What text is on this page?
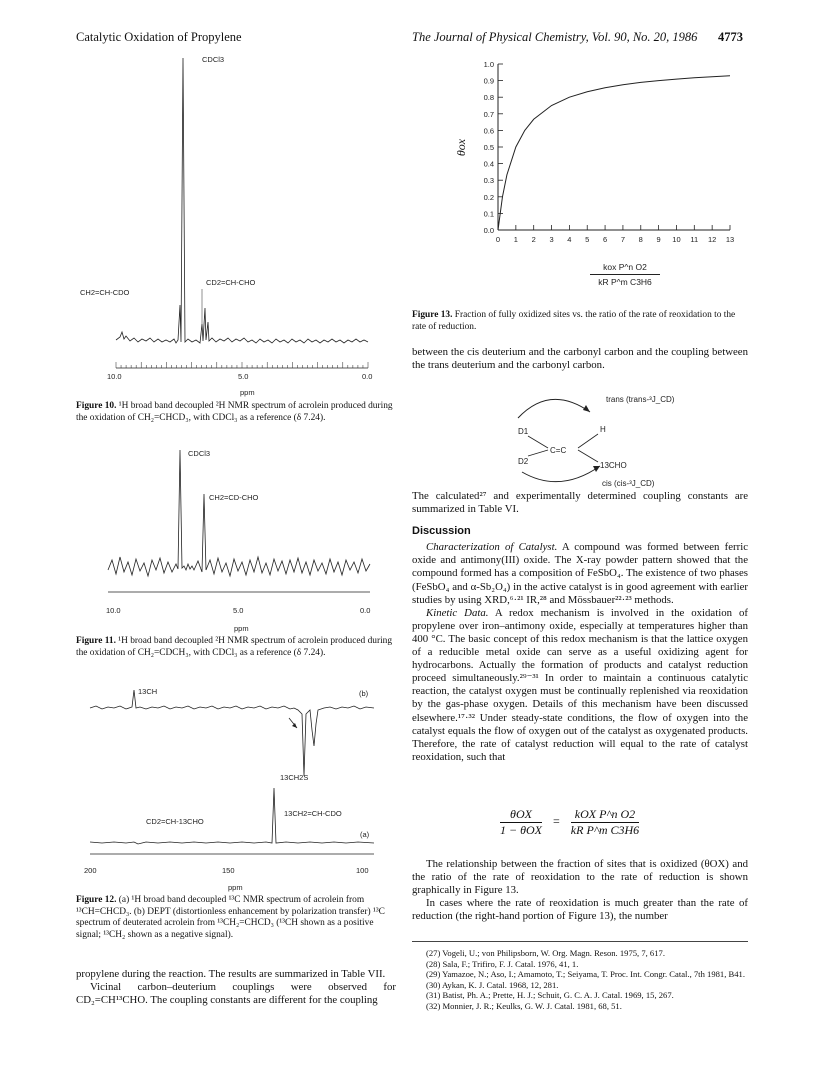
Catalytic Oxidation of Propylene	The Journal of Physical Chemistry, Vol. 90, No. 20, 1986 4773
CDCl3
CH2=CH-CDO
CD2=CH-CHO
10.0	5.0	0.0
ppm
Figure 10. ¹H broad band decoupled ²H NMR spectrum of acrolein produced during the oxidation of CH₂=CHCD₃, with CDCl₃ as a reference (δ 7.24).
CDCl3
CH2=CD-CHO
10.0	5.0	0.0
ppm
Figure 11. ¹H broad band decoupled ²H NMR spectrum of acrolein produced during the oxidation of CH₂=CDCH₃, with CDCl₃ as a reference (δ 7.24).
13CH	(b)
13CH2S
CD2=CH-13CHO
13CH2=CH-CDO
(a)
200	150	100
ppm
Figure 12. (a) ¹H broad band decoupled ¹³C NMR spectrum of acrolein from ¹³CH=CHCD₃. (b) DEPT (distortionless enhancement by polarization transfer) ¹³C spectrum of deuterated acrolein from ¹³CH₂=CHCD₃ (¹³CH shown as a positive signal; ¹³CH₂ shown as a negative signal).
propylene during the reaction. The results are summarized in Table VII.
Vicinal carbon–deuterium couplings were observed for CD₂=CH¹³CHO. The coupling constants are different for the coupling
0.0
0.1
0.2
0.3
0.4
0.5
0.6
0.7
0.8
0.9
1.0
0 1 2 3 4 5 6 7 8 9 10 11 12 13
θox
kox P^n O2
kR P^m C3H6
Figure 13. Fraction of fully oxidized sites vs. the ratio of the rate of reoxidation to the rate of reduction.
between the cis deuterium and the carbonyl carbon and the coupling between the trans deuterium and the carbonyl carbon.
D1
D2
H
C=C
13CHO
trans (trans-³J_CD)
cis (cis-³J_CD)
The calculated²⁷ and experimentally determined coupling constants are summarized in Table VI.
Discussion
Characterization of Catalyst. A compound was formed between ferric oxide and antimony(III) oxide. The X-ray powder pattern showed that the compound formed has a composition of FeSbO₄. The existence of two phases (FeSbO₄ and α-Sb₂O₄) in the active catalyst is in good agreement with earlier studies by using XRD,⁶·²¹ IR,²⁸ and Mössbauer²²·²³ methods.
Kinetic Data. A redox mechanism is involved in the oxidation of propylene over iron–antimony oxide, especially at temperatures higher than 400 °C. The basic concept of this redox mechanism is that the lattice oxygen of a reducible metal oxide can serve as a useful oxidizing agent for hydrocarbons. Actually the formation of products and catalyst reduction proceed simultaneously.²⁹⁻³¹ In order to maintain a continuous catalytic reaction, the catalyst oxygen must be continually replenished via reoxidation by the gas-phase oxygen. Details of this mechanism have been discussed elsewhere.¹⁷·³² Under steady-state conditions, the flow of oxygen into the catalyst equals the flow of oxygen out of the catalyst as oxygenated products. Therefore, the rate of catalyst reduction will equal to the rate of catalyst reoxidation, such that
θOX
1 − θOX
=
kOX P^n O2
kR P^m C3H6
The relationship between the fraction of sites that is oxidized (θOX) and the ratio of the rate of reoxidation to the rate of reduction is shown graphically in Figure 13.
In cases where the rate of reoxidation is much greater than the rate of reduction (the right-hand portion of Figure 13), the number
(27) Vogeli, U.; von Philipsborn, W. Org. Magn. Reson. 1975, 7, 617.
(28) Sala, F.; Trifiro, F. J. Catal. 1976, 41, 1.
(29) Yamazoe, N.; Aso, I.; Amamoto, T.; Seiyama, T. Proc. Int. Congr. Catal., 7th 1981, B41.
(30) Aykan, K. J. Catal. 1968, 12, 281.
(31) Batist, Ph. A.; Prette, H. J.; Schuit, G. C. A. J. Catal. 1969, 15, 267.
(32) Monnier, J. R.; Keulks, G. W. J. Catal. 1981, 68, 51.
